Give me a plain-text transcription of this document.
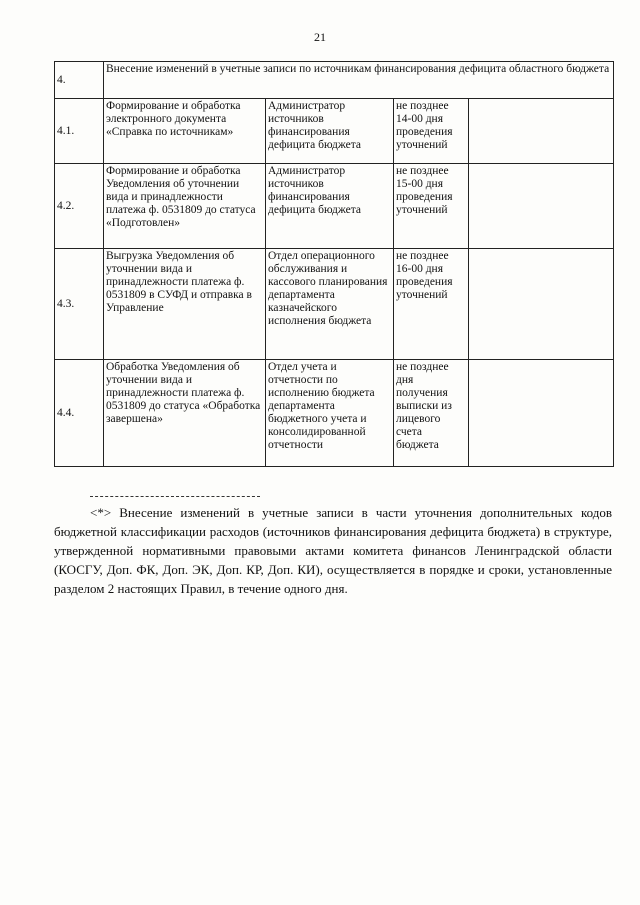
21
4.	Внесение изменений в учетные записи по источникам финансирования дефицита областного бюджета			
4.1.	Формирование и обработка электронного документа «Справка по источникам»	Администратор источников финансирования дефицита бюджета	не позднее 14-00 дня проведения уточнений	
4.2.	Формирование и обработка Уведомления об уточнении вида и принадлежности платежа ф. 0531809 до статуса «Подготовлен»	Администратор источников финансирования дефицита бюджета	не позднее 15-00 дня проведения уточнений	
4.3.	Выгрузка Уведомления об уточнении вида и принадлежности платежа ф. 0531809 в СУФД и отправка в Управление	Отдел операционного обслуживания и кассового планирования департамента казначейского исполнения бюджета	не позднее 16-00 дня проведения уточнений	
4.4.	Обработка Уведомления об уточнении вида и принадлежности платежа ф. 0531809 до статуса «Обработка завершена»	Отдел учета и отчетности по исполнению бюджета департамента бюджетного учета и консолидированной отчетности	не позднее дня получения выписки из лицевого счета бюджета	

<*> Внесение изменений в учетные записи в части уточнения дополнительных кодов бюджетной классификации расходов (источников финансирования дефицита бюджета) в структуре, утвержденной нормативными правовыми актами комитета финансов Ленинградской области (КОСГУ, Доп. ФК, Доп. ЭК, Доп. КР, Доп. КИ), осуществляется в порядке и сроки, установленные разделом 2 настоящих Правил, в течение одного дня.
